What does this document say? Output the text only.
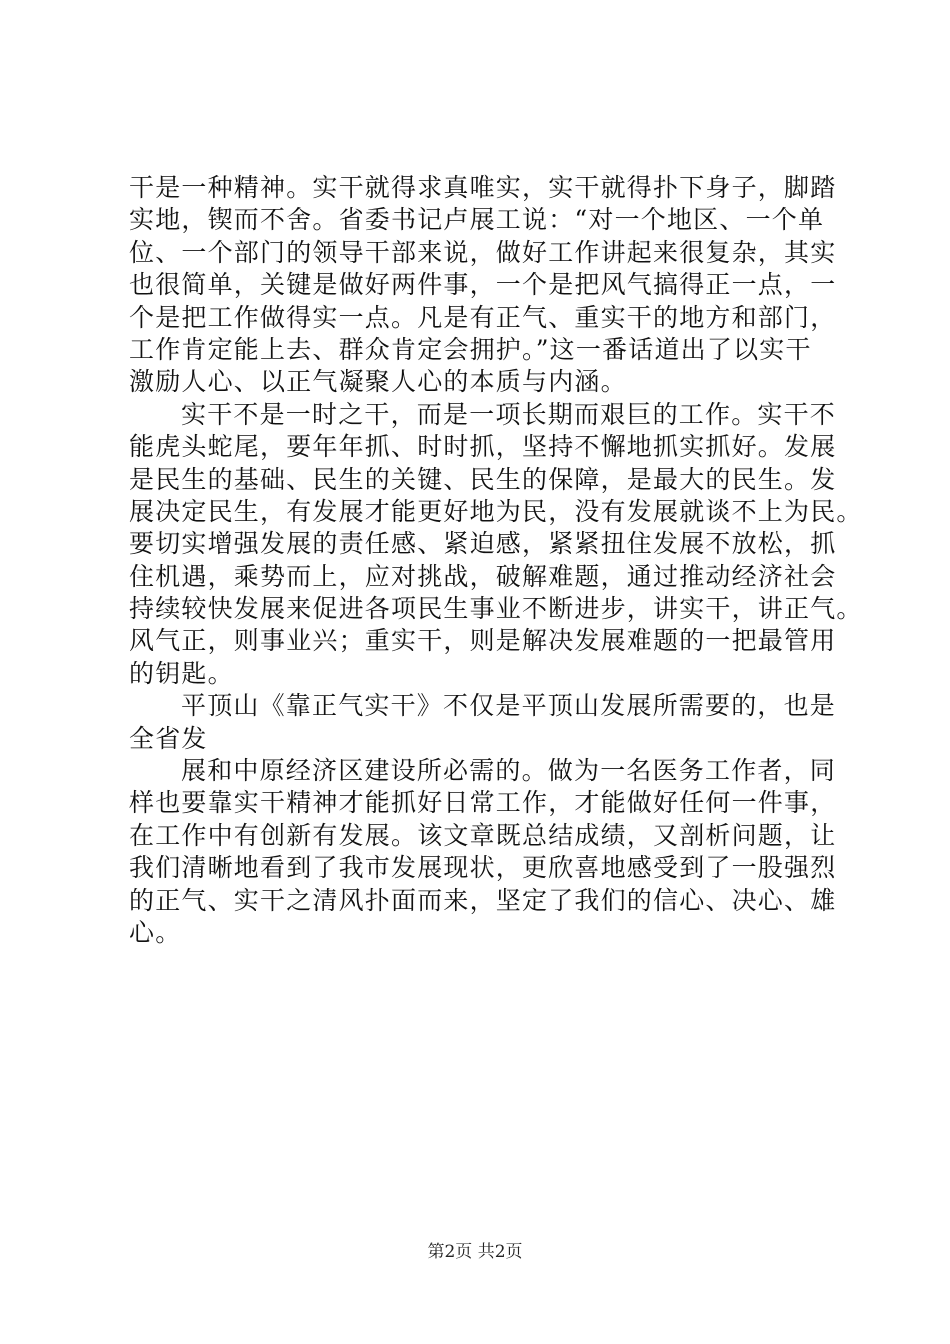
干是一种精神。实干就得求真唯实，实干就得扑下身子，脚踏
实地，锲而不舍。省委书记卢展工说：“对一个地区、一个单
位、一个部门的领导干部来说，做好工作讲起来很复杂，其实
也很简单，关键是做好两件事，一个是把风气搞得正一点，一
个是把工作做得实一点。凡是有正气、重实干的地方和部门，
工作肯定能上去、群众肯定会拥护。”这一番话道出了以实干
激励人心、以正气凝聚人心的本质与内涵。
实干不是一时之干，而是一项长期而艰巨的工作。实干不
能虎头蛇尾，要年年抓、时时抓，坚持不懈地抓实抓好。发展
是民生的基础、民生的关键、民生的保障，是最大的民生。发
展决定民生，有发展才能更好地为民，没有发展就谈不上为民。
要切实增强发展的责任感、紧迫感，紧紧扭住发展不放松，抓
住机遇，乘势而上，应对挑战，破解难题，通过推动经济社会
持续较快发展来促进各项民生事业不断进步，讲实干，讲正气。
风气正，则事业兴；重实干，则是解决发展难题的一把最管用
的钥匙。
平顶山《靠正气实干》不仅是平顶山发展所需要的，也是
全省发
展和中原经济区建设所必需的。做为一名医务工作者，同
样也要靠实干精神才能抓好日常工作，才能做好任何一件事，
在工作中有创新有发展。该文章既总结成绩，又剖析问题，让
我们清晰地看到了我市发展现状，更欣喜地感受到了一股强烈
的正气、实干之清风扑面而来，坚定了我们的信心、决心、雄
心。
第2页 共2页
